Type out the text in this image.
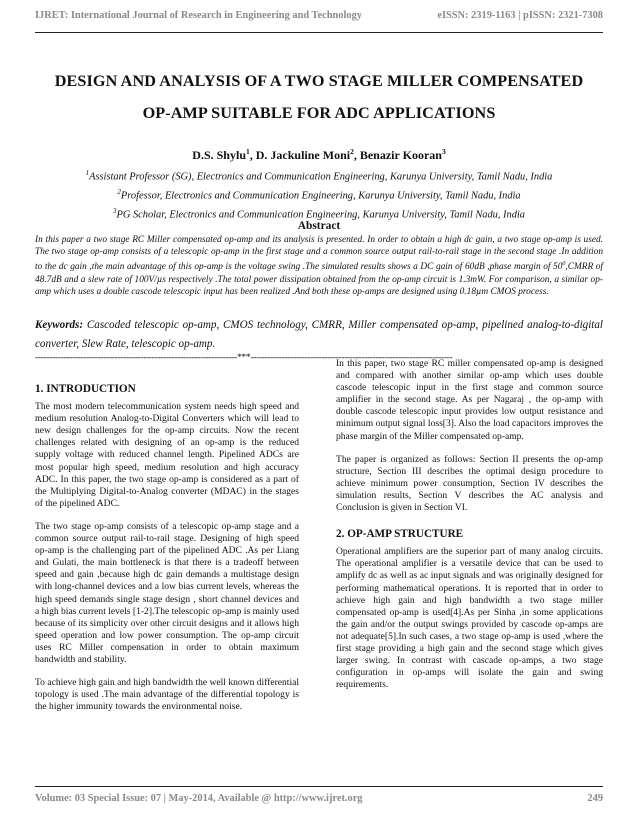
IJRET: International Journal of Research in Engineering and Technology	eISSN: 2319-1163 | pISSN: 2321-7308
DESIGN AND ANALYSIS OF A TWO STAGE MILLER COMPENSATED
OP-AMP SUITABLE FOR ADC APPLICATIONS
D.S. Shylu$^1$, D. Jackuline Moni$^2$, Benazir Kooran$^3$
$^1$Assistant Professor (SG), Electronics and Communication Engineering, Karunya University, Tamil Nadu, India
$^2$Professor, Electronics and Communication Engineering, Karunya University, Tamil Nadu, India
$^3$PG Scholar, Electronics and Communication Engineering, Karunya University, Tamil Nadu, India
Abstract
In this paper a two stage RC Miller compensated op-amp and its analysis is presented. In order to obtain a high dc gain, a two stage op-amp is used. The two stage op-amp consists of a telescopic op-amp in the first stage and a common source output rail-to-rail stage in the second stage .In addition to the dc gain ,the main advantage of this op-amp is the voltage swing .The simulated results shows a DC gain of 60dB ,phase margin of $50^0,CMRR$ of 48.7dB and a slew rate of 100V/µs respectively .The total power dissipation obtained from the op-amp circuit is 1.3mW. For comparison, a similar op-amp which uses a double cascode telescopic input has been realized .And both these op-amps are designed using 0.18µm CMOS process.
Keywords: Cascoded telescopic op-amp, CMOS technology, CMRR, Miller compensated op-amp, pipelined analog-to-digital converter, Slew Rate, telescopic op-amp.
-----------------------------------------------------------------------***-----------------------------------------------------------------------
1. INTRODUCTION

The most modern telecommunication system needs high speed and medium resolution Analog-to-Digital Converters which will lead to new design challenges for the op-amp circuits. Now the recent challenges related with designing of an op-amp is the reduced supply voltage with reduced channel length. Pipelined ADCs are most popular high speed, medium resolution and high accuracy ADC. In this paper, the two stage op-amp is considered as a part of the Multiplying Digital-to-Analog converter (MDAC) in the stages of the pipelined ADC.

The two stage op-amp consists of a telescopic op-amp stage and a common source output rail-to-rail stage. Designing of high speed op-amp is the challenging part of the pipelined ADC .As per Liang and Gulati, the main bottleneck is that there is a tradeoff between speed and gain ,because high dc gain demands a multistage design with long-channel devices and a low bias current levels, whereas the high speed demands single stage design , short channel devices and a high bias current levels [1-2].The telescopic op-amp is mainly used because of its simplicity over other circuit designs and it allows high speed operation and low power consumption. The op-amp circuit uses RC Miller compensation in order to obtain maximum bandwidth and stability.

To achieve high gain and high bandwidth the well known differential topology is used .The main advantage of the differential topology is the higher immunity towards the environmental noise.

In this paper, two stage RC miller compensated op-amp is designed and compared with another similar op-amp which uses double cascode telescopic input in the first stage and common source amplifier in the second stage. As per Nagaraj , the op-amp with double cascode telescopic input provides low output resistance and minimum output signal loss[3]. Also the load capacitors improves the phase margin of the Miller compensated op-amp.

The paper is organized as follows: Section II presents the op-amp structure, Section III describes the optimal design procedure to achieve minimum power consumption, Section IV describes the simulation results, Section V describes the AC analysis and Conclusion is given in Section VI.

2. OP-AMP STRUCTURE

Operational amplifiers are the superior part of many analog circuits. The operational amplifier is a versatile device that can be used to amplify dc as well as ac input signals and was originally designed for performing mathematical operations. It is reported that in order to achieve high gain and high bandwidth a two stage miller compensated op-amp is used[4].As per Sinha ,in some applications the gain and/or the output swings provided by cascode op-amps are not adequate[5].In such cases, a two stage op-amp is used ,where the first stage providing a high gain and the second stage which gives larger swing. In contrast with cascade op-amps, a two stage configuration in op-amps will isolate the gain and swing requirements.

Volume: 03 Special Issue: 07 | May-2014, Available @ http://www.ijret.org	249
